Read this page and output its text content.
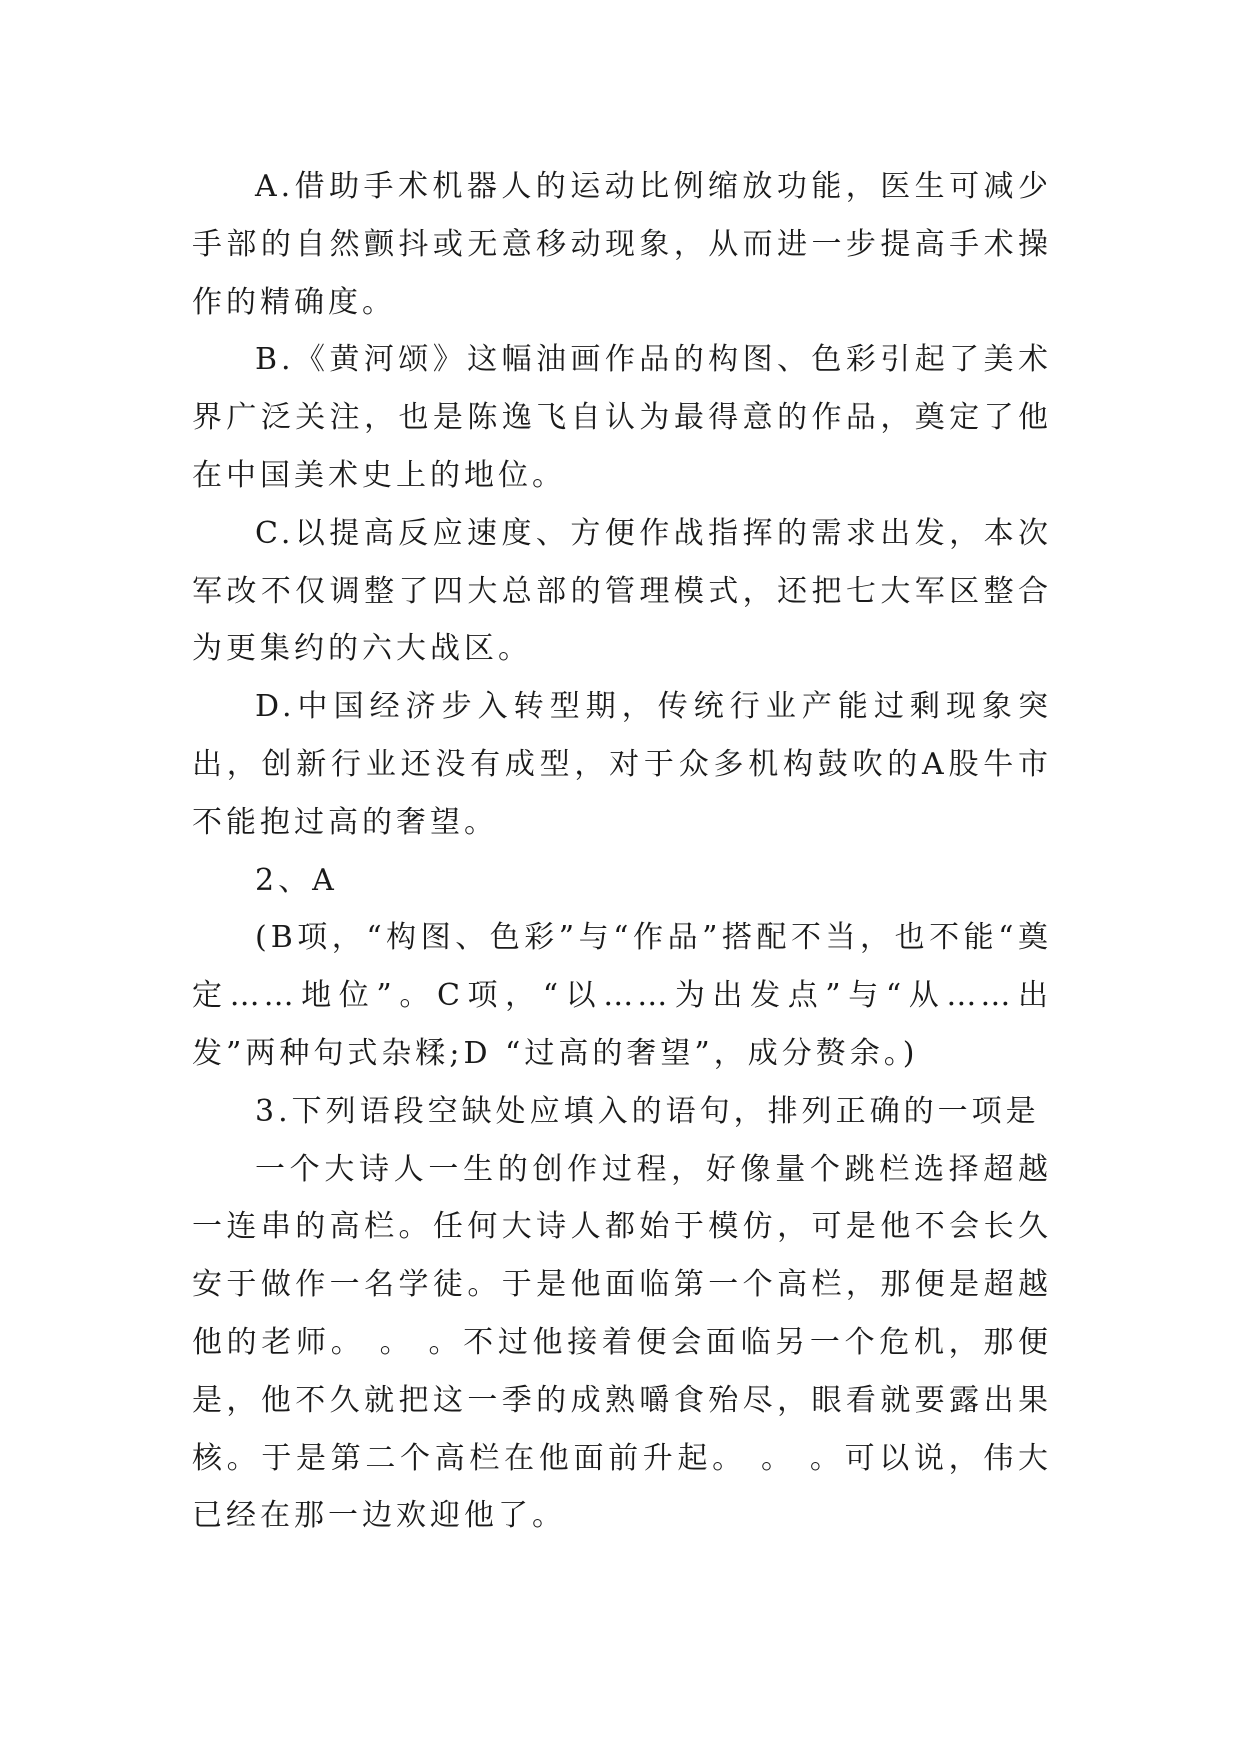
A.借助手术机器人的运动比例缩放功能，医生可减少手部的自然颤抖或无意移动现象，从而进一步提高手术操作的精确度。

B.《黄河颂》这幅油画作品的构图、色彩引起了美术界广泛关注，也是陈逸飞自认为最得意的作品，奠定了他在中国美术史上的地位。

C.以提高反应速度、方便作战指挥的需求出发，本次军改不仅调整了四大总部的管理模式，还把七大军区整合为更集约的六大战区。

D.中国经济步入转型期，传统行业产能过剩现象突出，创新行业还没有成型，对于众多机构鼓吹的A股牛市不能抱过高的奢望。

2、A

(B项，“构图、色彩”与“作品”搭配不当，也不能“奠定……地位”。C项，“以……为出发点”与“从……出发”两种句式杂糅;D “过高的奢望”，成分赘余。)

3.下列语段空缺处应填入的语句，排列正确的一项是

一个大诗人一生的创作过程，好像量个跳栏选择超越一连串的高栏。任何大诗人都始于模仿，可是他不会长久安于做作一名学徒。于是他面临第一个高栏，那便是超越他的老师。 。 。不过他接着便会面临另一个危机，那便是，他不久就把这一季的成熟嚼食殆尽，眼看就要露出果核。于是第二个高栏在他面前升起。 。 。可以说，伟大已经在那一边欢迎他了。
